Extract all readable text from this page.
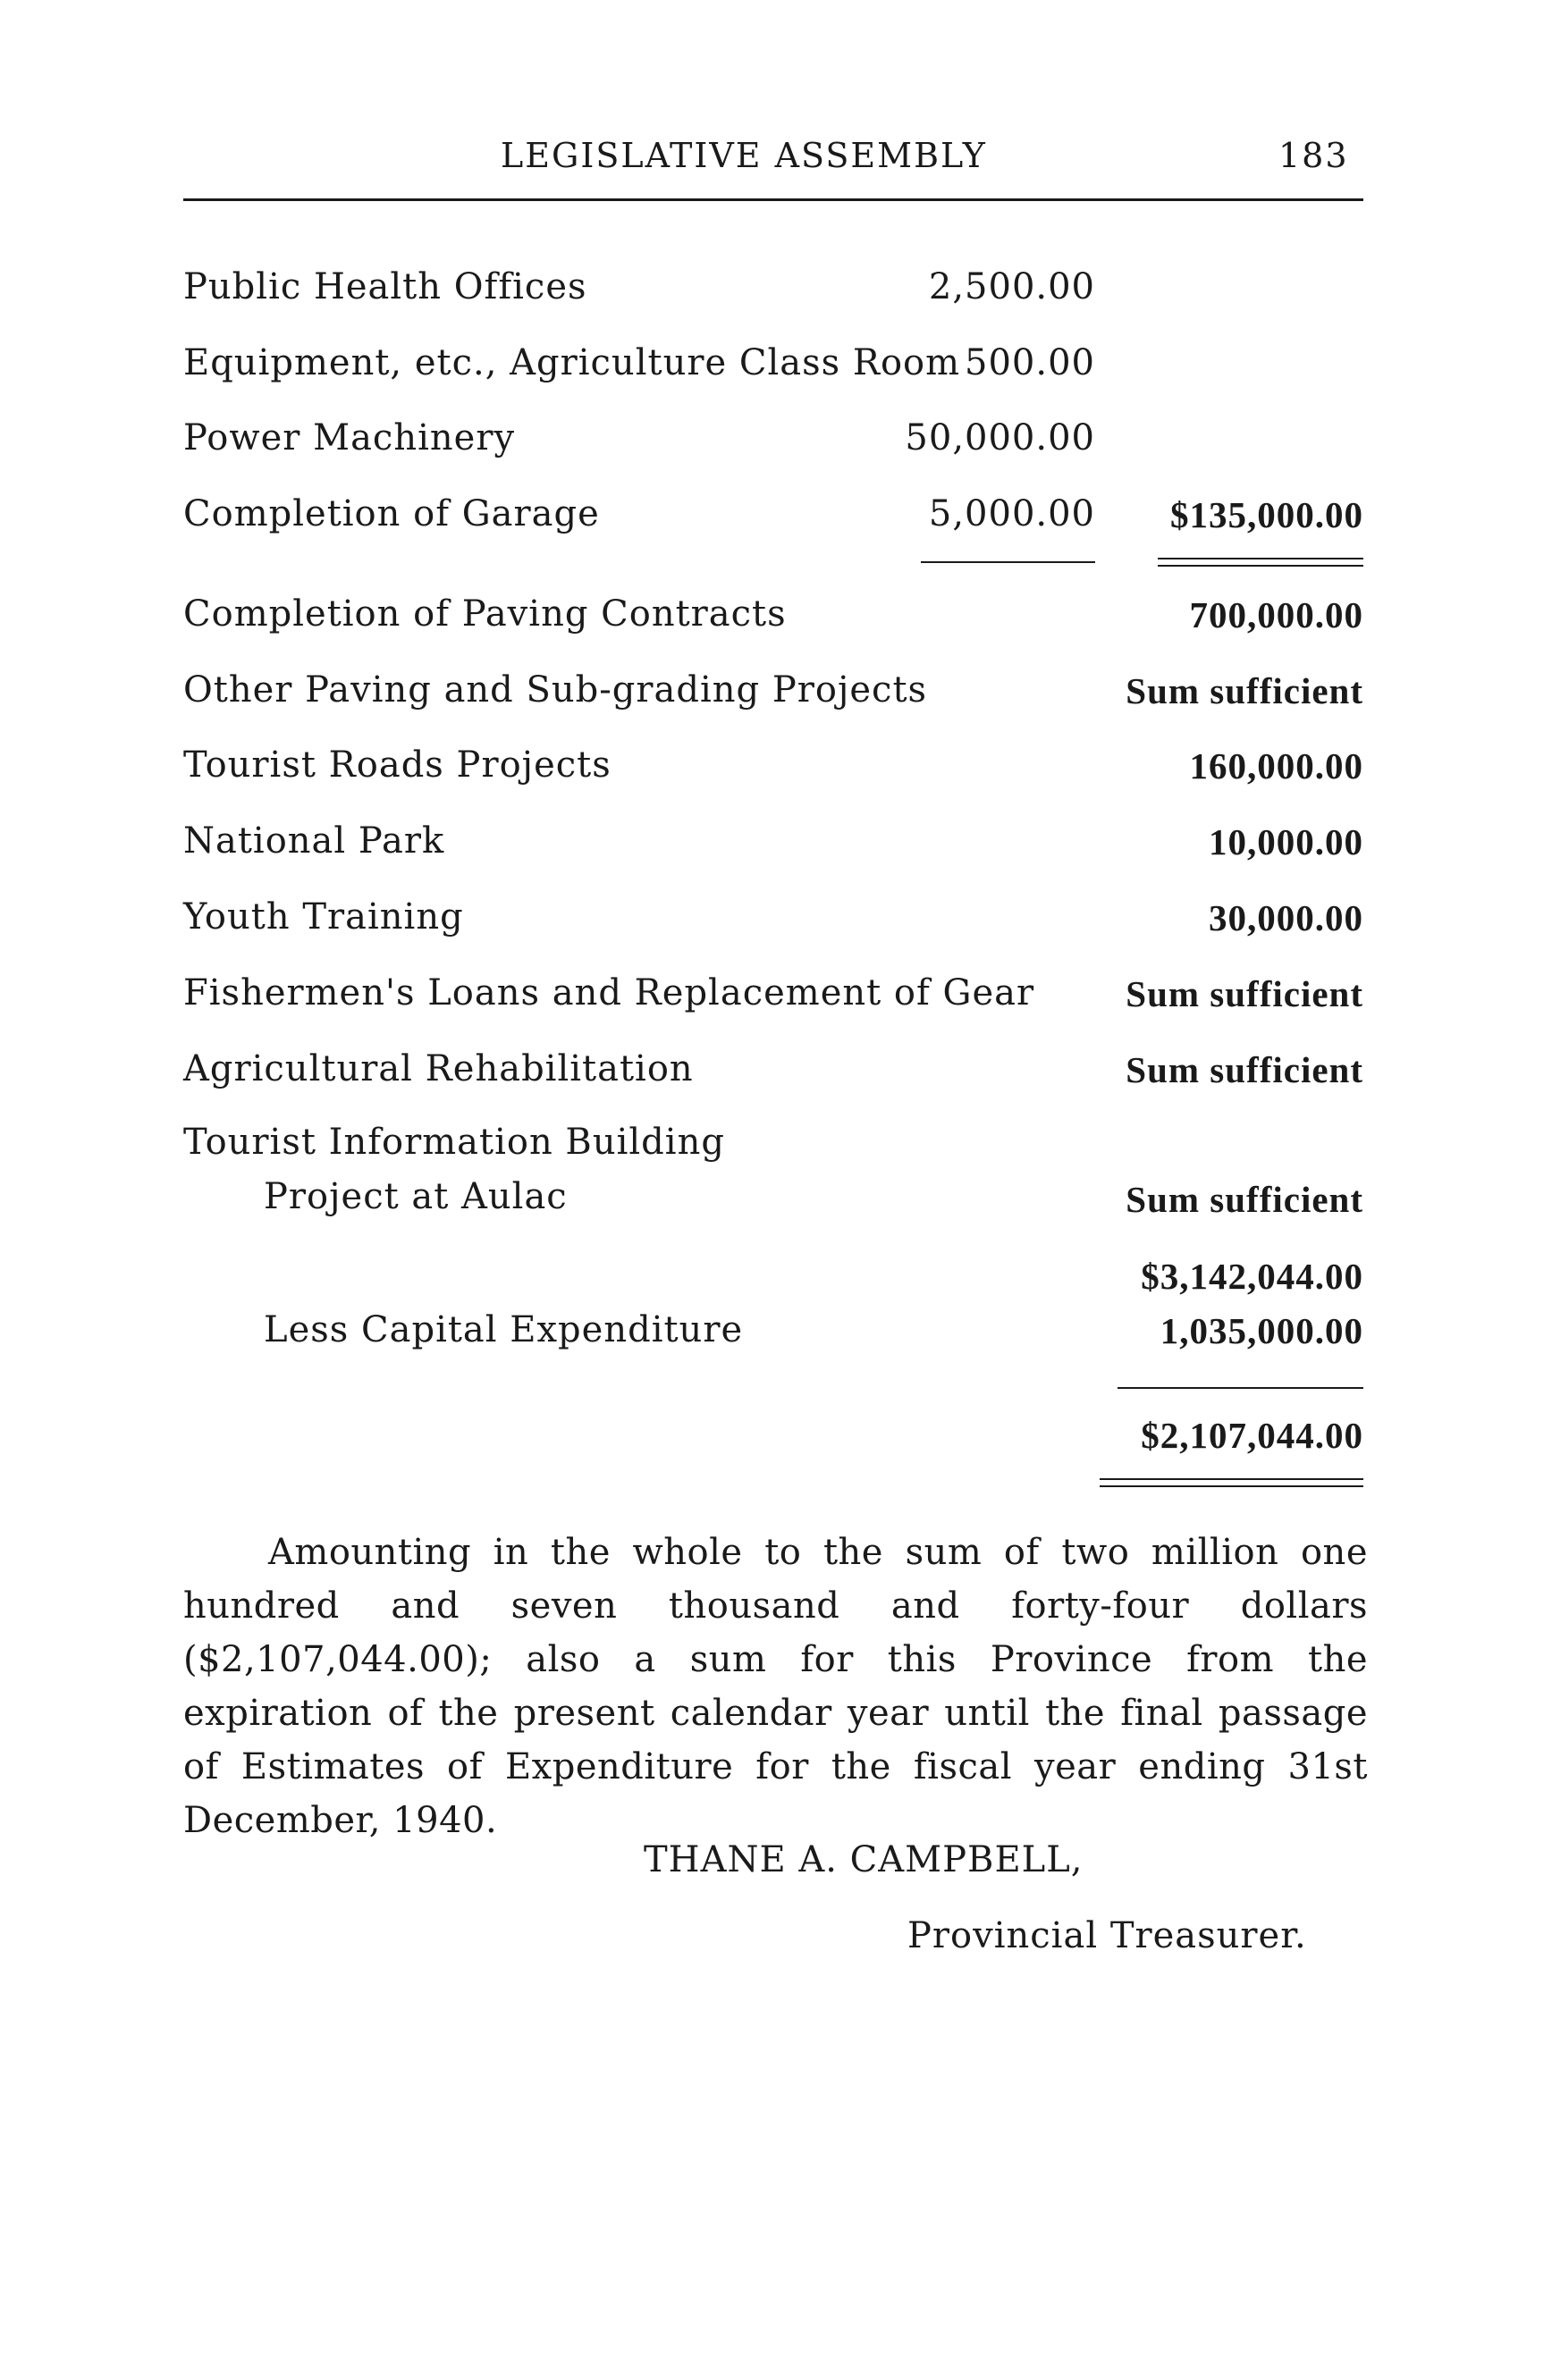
LEGISLATIVE ASSEMBLY	183
Public Health Offices	2,500.00
Equipment, etc., Agriculture Class Room 500.00
Power Machinery	50,000.00
Completion of Garage	5,000.00	$135,000.00
Completion of Paving Contracts	700,000.00
Other Paving and Sub-grading Projects	Sum sufficient
Tourist Roads Projects	160,000.00
National Park	10,000.00
Youth Training	30,000.00
Fishermen's Loans and Replacement of Gear	Sum sufficient
Agricultural Rehabilitation	Sum sufficient
Tourist Information Building
Project at Aulac	Sum sufficient
$3,142,044.00
Less Capital Expenditure	1,035,000.00
$2,107,044.00
Amounting in the whole to the sum of two million one hundred and seven thousand and forty-four dollars ($2,107,044.00); also a sum for this Province from the expiration of the present calendar year until the final passage of Estimates of Expenditure for the fiscal year ending 31st December, 1940.
THANE A. CAMPBELL,
Provincial Treasurer.
